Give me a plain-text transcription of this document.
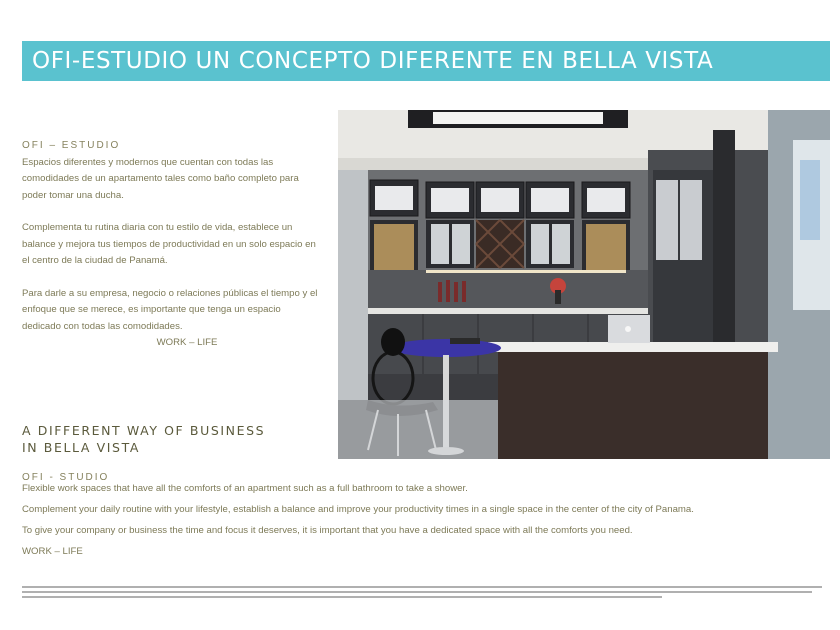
OFI-ESTUDIO UN CONCEPTO DIFERENTE EN BELLA VISTA
OFI – ESTUDIO

Espacios diferentes y modernos que cuentan con todas las comodidades de un apartamento tales como baño completo para poder tomar una ducha.

Complementa tu rutina diaria con tu estilo de vida, establece un balance y mejora tus tiempos de productividad en un solo espacio en el centro de la ciudad de Panamá.

Para darle a su empresa, negocio o relaciones públicas el tiempo y el enfoque que se merece, es importante que tenga un espacio dedicado con todas las comodidades.

WORK – LIFE
A DIFFERENT WAY OF BUSINESS
IN BELLA VISTA
OFI - STUDIO
Flexible work spaces that have all the comforts of an apartment such as a full bathroom to take a shower.
Complement your daily routine with your lifestyle, establish a balance and improve your productivity times in a single space in the center of the city of Panama.
To give your company or business the time and focus it deserves, it is important that you have a dedicated space with all the comforts you need.
WORK – LIFE
